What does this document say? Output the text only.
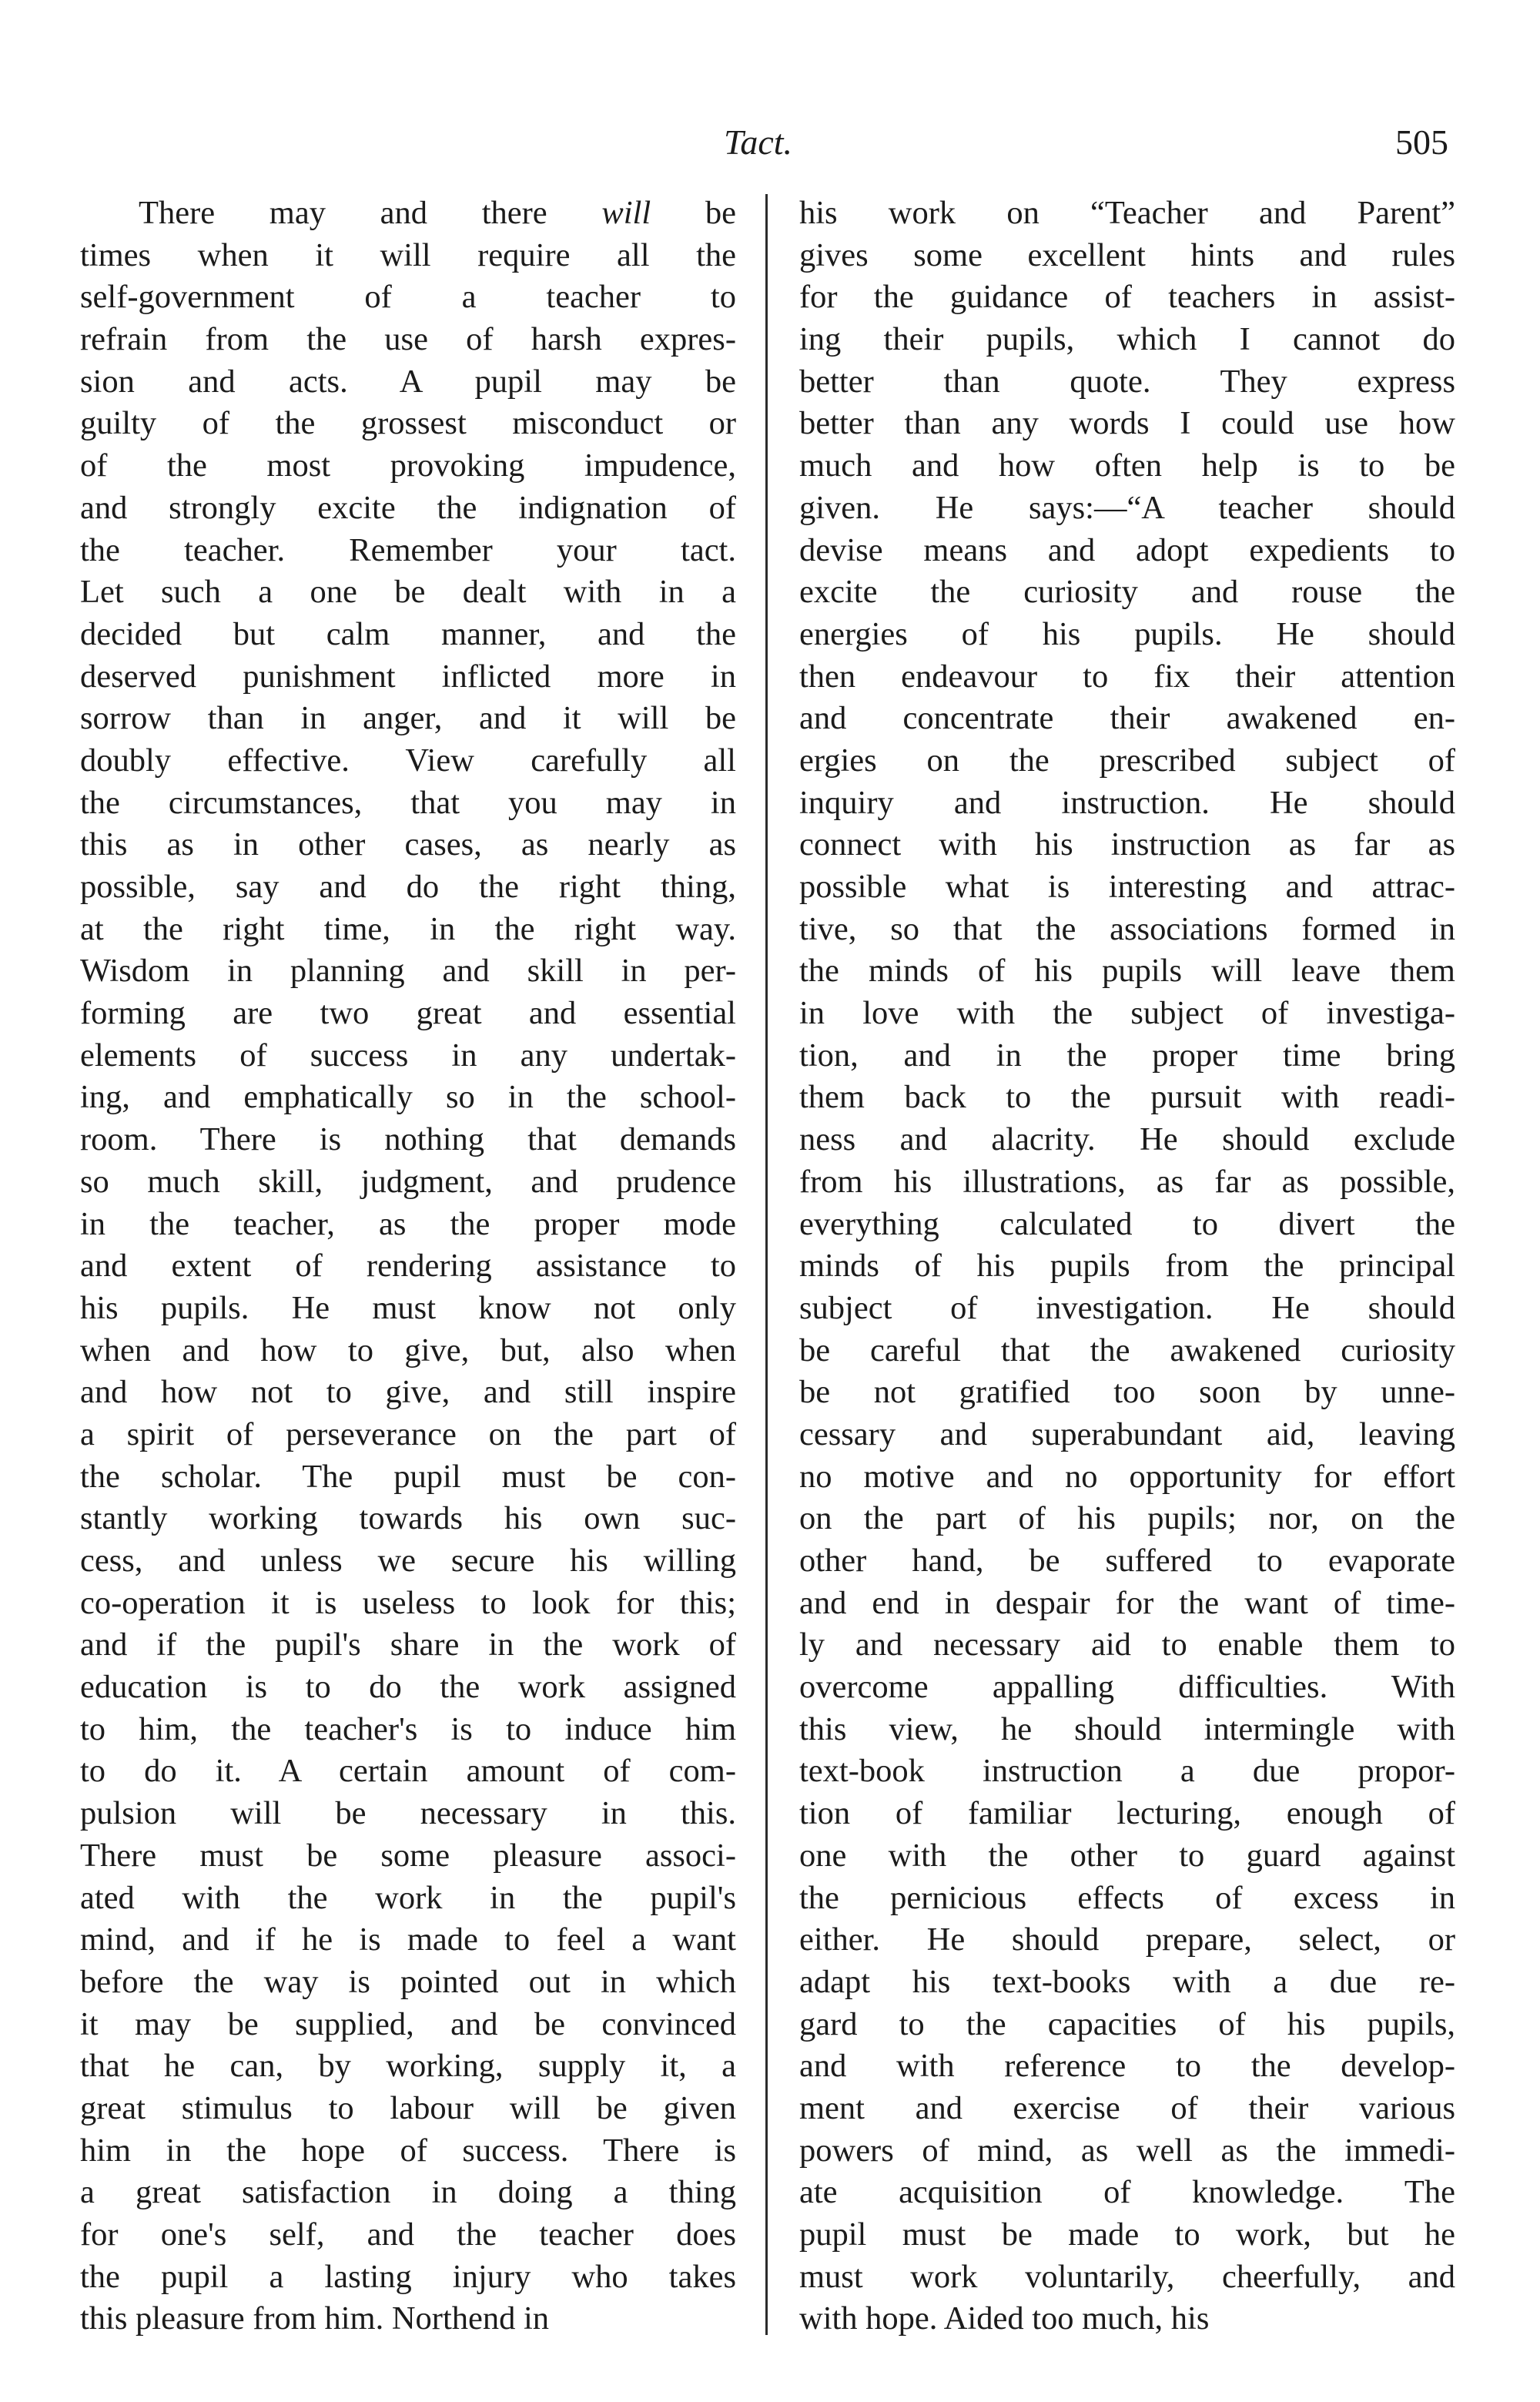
Tact.	505
There may and there will be
times when it will require all the
self-government of a teacher to
refrain from the use of harsh expres-
sion and acts. A pupil may be
guilty of the grossest misconduct or
of the most provoking impudence,
and strongly excite the indignation of
the teacher. Remember your tact.
Let such a one be dealt with in a
decided but calm manner, and the
deserved punishment inflicted more in
sorrow than in anger, and it will be
doubly effective. View carefully all
the circumstances, that you may in
this as in other cases, as nearly as
possible, say and do the right thing,
at the right time, in the right way.
Wisdom in planning and skill in per-
forming are two great and essential
elements of success in any undertak-
ing, and emphatically so in the school-
room. There is nothing that demands
so much skill, judgment, and prudence
in the teacher, as the proper mode
and extent of rendering assistance to
his pupils. He must know not only
when and how to give, but, also when
and how not to give, and still inspire
a spirit of perseverance on the part of
the scholar. The pupil must be con-
stantly working towards his own suc-
cess, and unless we secure his willing
co-operation it is useless to look for this;
and if the pupil's share in the work of
education is to do the work assigned
to him, the teacher's is to induce him
to do it. A certain amount of com-
pulsion will be necessary in this.
There must be some pleasure associ-
ated with the work in the pupil's
mind, and if he is made to feel a want
before the way is pointed out in which
it may be supplied, and be convinced
that he can, by working, supply it, a
great stimulus to labour will be given
him in the hope of success. There is
a great satisfaction in doing a thing
for one's self, and the teacher does
the pupil a lasting injury who takes
this pleasure from him. Northend in
his work on “Teacher and Parent”
gives some excellent hints and rules
for the guidance of teachers in assist-
ing their pupils, which I cannot do
better than quote. They express
better than any words I could use how
much and how often help is to be
given. He says:—“A teacher should
devise means and adopt expedients to
excite the curiosity and rouse the
energies of his pupils. He should
then endeavour to fix their attention
and concentrate their awakened en-
ergies on the prescribed subject of
inquiry and instruction. He should
connect with his instruction as far as
possible what is interesting and attrac-
tive, so that the associations formed in
the minds of his pupils will leave them
in love with the subject of investiga-
tion, and in the proper time bring
them back to the pursuit with readi-
ness and alacrity. He should exclude
from his illustrations, as far as possible,
everything calculated to divert the
minds of his pupils from the principal
subject of investigation. He should
be careful that the awakened curiosity
be not gratified too soon by unne-
cessary and superabundant aid, leaving
no motive and no opportunity for effort
on the part of his pupils; nor, on the
other hand, be suffered to evaporate
and end in despair for the want of time-
ly and necessary aid to enable them to
overcome appalling difficulties. With
this view, he should intermingle with
text-book instruction a due propor-
tion of familiar lecturing, enough of
one with the other to guard against
the pernicious effects of excess in
either. He should prepare, select, or
adapt his text-books with a due re-
gard to the capacities of his pupils,
and with reference to the develop-
ment and exercise of their various
powers of mind, as well as the immedi-
ate acquisition of knowledge. The
pupil must be made to work, but he
must work voluntarily, cheerfully, and
with hope. Aided too much, his
